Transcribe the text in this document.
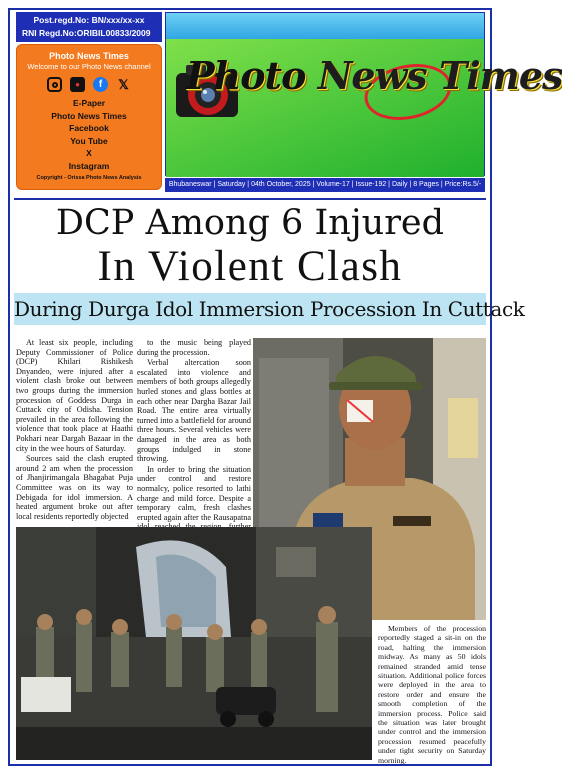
Post.regd.No: BN/xxx/xx-xx
RNI Regd.No:ORIBIL00833/2009
Photo News Times
Welcome to our Photo News channel
●	f	𝕏
E-Paper
Photo News Times
Facebook
You Tube
X
Instagram
Copyright - Orissa Photo News Analysis
Photo News Times
Bhubaneswar | Saturday | 04th October, 2025 | Volume-17 | Issue-192 | Daily | 8 Pages | Price:Rs.5/-
DCP Among 6 Injured
In Violent Clash
During Durga Idol Immersion Procession In Cuttack

At least six people, including Deputy Commissioner of Police (DCP) Khilari Rishikesh Dnyandeo, were injured after a violent clash broke out between two groups during the immersion procession of Goddess Durga in Cuttack city of Odisha. Tension prevailed in the area following the violence that took place at Haathi Pokhari near Dargah Bazaar in the city in the wee hours of Saturday.

Sources said the clash erupted around 2 am when the procession of Jhanjirimangala Bhagabat Puja Committee was on its way to Debigada for idol immersion. A heated argument broke out after local residents reportedly objected

to the music being played during the procession.

Verbal altercation soon escalated into violence and members of both groups allegedly hurled stones and glass bottles at each other near Dargha Bazar Jail Road. The entire area virtually turned into a battlefield for around three hours. Several vehicles were damaged in the area as both groups indulged in stone throwing.

In order to bring the situation under control and restore normalcy, police resorted to lathi charge and mild force. Despite a temporary calm, fresh clashes erupted again after the Rausapatna

Members of the procession reportedly staged a sit-in on the road, halting the immersion midway. As many as 50 idols remained stranded amid tense situation. Additional police forces were deployed in the area to restore order and ensure the smooth completion of the immersion process. Police said the situation was later brought under control and the immersion procession resumed peacefully under tight security on Saturday morning.
